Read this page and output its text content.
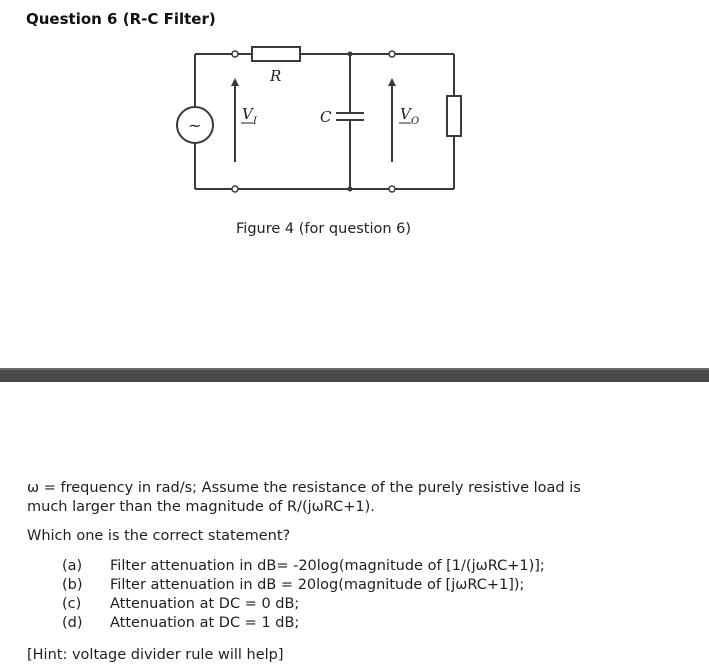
Question 6 (R-C Filter)
R
C
V I	V O
~
Figure 4 (for question 6)
ω = frequency in rad/s; Assume the resistance of the purely resistive load is
much larger than the magnitude of R/(jωRC+1).
Which one is the correct statement?
(a)	Filter attenuation in dB= -20log(magnitude of [1/(jωRC+1)];
(b)	Filter attenuation in dB = 20log(magnitude of [jωRC+1]);
(c)	Attenuation at DC = 0 dB;
(d)	Attenuation at DC = 1 dB;
[Hint: voltage divider rule will help]
